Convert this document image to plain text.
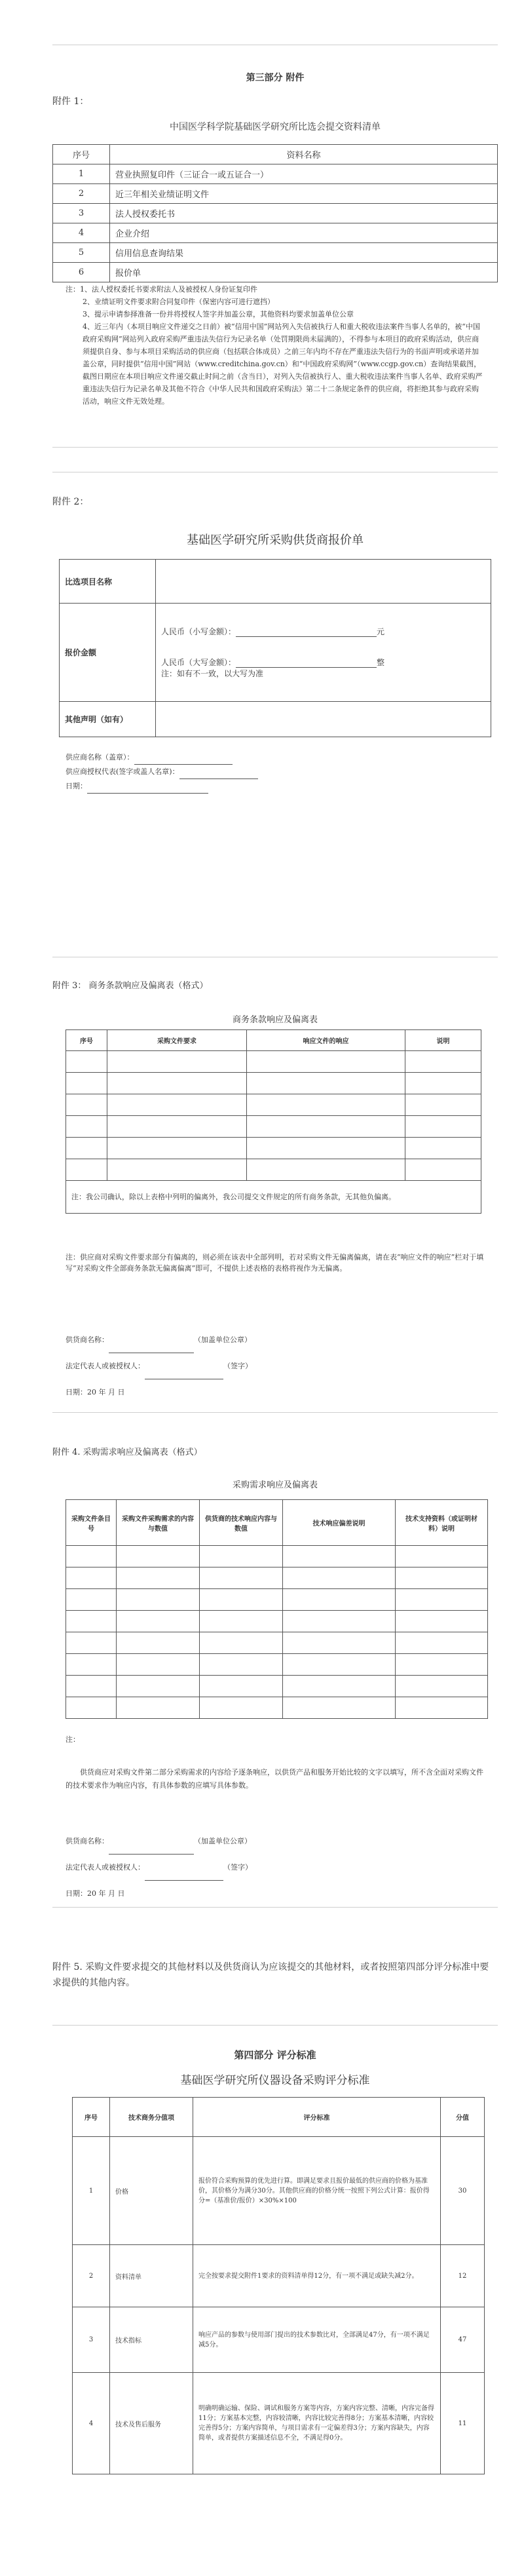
第三部分 附件
附件 1：
中国医学科学院基础医学研究所比选会提交资料清单
序号	资料名称
1	营业执照复印件（三证合一或五证合一）
2	近三年相关业绩证明文件
3	法人授权委托书
4	企业介绍
5	信用信息查询结果
6	报价单

注：1、法人授权委托书要求附法人及被授权人身份证复印件

2、业绩证明文件要求附合同复印件（保密内容可进行遮挡）

3、提示申请参择准备一份并将授权人签字并加盖公章，其他资料均要求加盖单位公章

4、近三年内（本项目响应文件递交之日前）被“信用中国”网站列入失信被执行人和重大税收违法案件当事人名单的，被“中国政府采购网”网站列入政府采购严重违法失信行为记录名单（处罚期限尚未届满的），不得参与本项目的政府采购活动，供应商须提供自身、参与本项目采购活动的供应商（包括联合体成员）之前三年内均不存在严重违法失信行为的书面声明或承诺并加盖公章，同时提供“信用中国”网站（www.creditchina.gov.cn）和“中国政府采购网”（www.ccgp.gov.cn）查询结果截图，截图日期应在本项目响应文件递交截止时间之前（含当日），对列入失信被执行人、重大税收违法案件当事人名单、政府采购严重违法失信行为记录名单及其他不符合《中华人民共和国政府采购法》第二十二条规定条件的供应商，将拒绝其参与政府采购活动，响应文件无效处理。

附件 2：
基础医学研究所采购供货商报价单
比选项目名称	
报价金额	人民币（小写金额）： 元
人民币（大写金额）： 整
注：如有不一致，以大写为准

其他声明（如有）	
供应商名称（盖章）：
供应商授权代表(签字或盖人名章)：
日期：
附件 3： 商务条款响应及偏离表（格式）
商务条款响应及偏离表
序号	采购文件要求	响应文件的响应	说明

注：我公司确认，除以上表格中列明的偏离外，我公司提交文件规定的所有商务条款，无其他负偏离。			
注：供应商对采购文件要求部分有偏离的，则必须在该表中全部列明，若对采购文件无偏离偏离，请在表“响应文件的响应”栏对于填写“对采购文件全部商务条款无偏离偏离”即可，不提供上述表格的表格将视作为无偏离。
供货商名称：	（加盖单位公章）
法定代表人或被授权人：	（签字）
日期：20 年 月 日
附件 4. 采购需求响应及偏离表（格式）
采购需求响应及偏离表
采购文件条目号	采购文件采购需求的内容与数值	供货商的技术响应内容与数值	技术响应偏差说明	技术支持资料（或证明材料）说明

注：
供货商应对采购文件第二部分采购需求的内容给予逐条响应，以供货产品和服务开始比较的文字以填写，所不含全面对采购文件的技术要求作为响应内容，有具体参数的应填写具体参数。
供货商名称：	（加盖单位公章）
法定代表人或被授权人：	（签字）
日期：20 年 月 日
附件 5. 采购文件要求提交的其他材料以及供货商认为应该提交的其他材料，或者按照第四部分评分标准中要求提供的其他内容。
第四部分 评分标准
基础医学研究所仪器设备采购评分标准
序号	技术商务分值项	评分标准	分值
1	价格	报价符合采购预算的优先进行算。即满足要求且报价最低的供应商的价格为基准价，其价格分为满分30分。其他供应商的价格分统一按照下列公式计算：报价得分=（基准价/报价）×30%×100	30
2	资料清单	完全按要求提交附件1要求的资料清单得12分，有一项不满足或缺失减2分。	12
3	技术指标	响应产品的参数与使用部门提出的技术参数比对，全部满足47分，有一项不满足减5分。	47
4	技术及售后服务	明确明确运输、保险、调试和服务方案等内容，方案内容完整、清晰，内容完备得11分；方案基本完整，内容较清晰，内容比较完善得8分；方案基本清晰，内容较完善得5分；方案内容简单，与项目需求有一定偏差得3分；方案内容缺失，内容简单，或者提供方案描述信息不全，不满足得0分。	11
